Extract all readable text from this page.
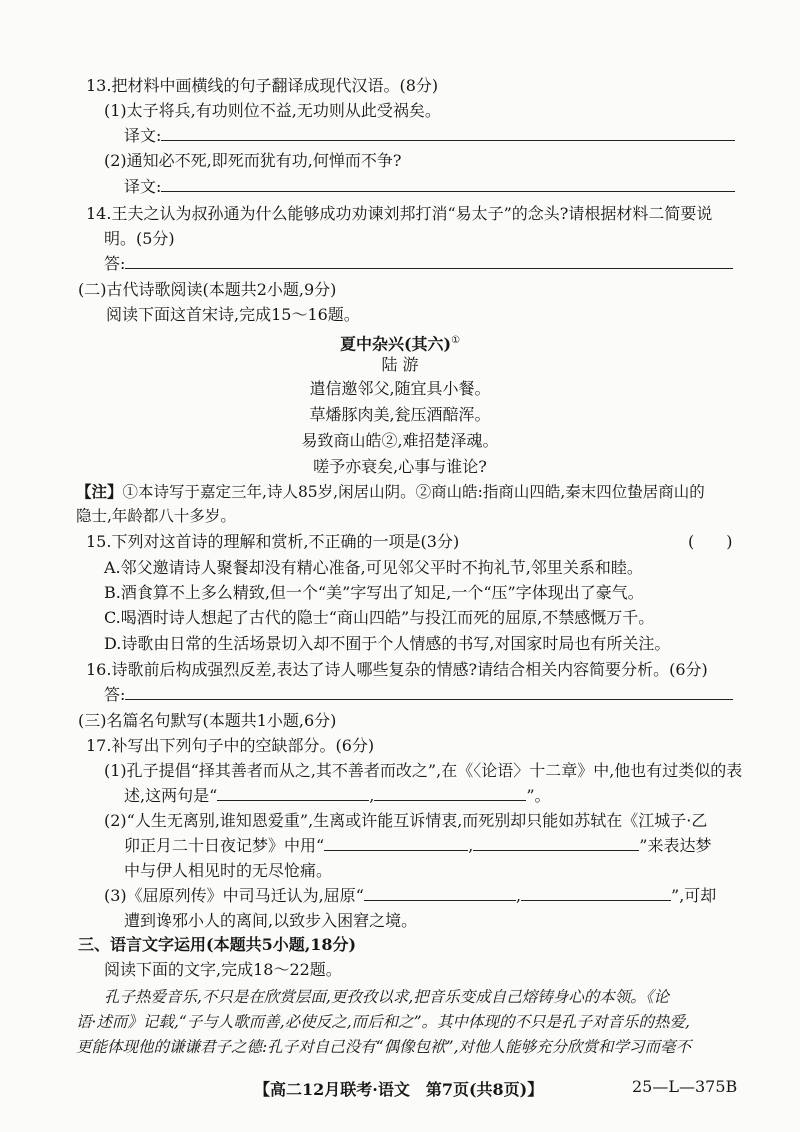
13.把材料中画横线的句子翻译成现代汉语。(8分)
(1)太子将兵,有功则位不益,无功则从此受祸矣。
译文:
(2)通知必不死,即死而犹有功,何惮而不争?
译文:
14.王夫之认为叔孙通为什么能够成功劝谏刘邦打消“易太子”的念头?请根据材料二简要说
明。(5分)
答:
(二)古代诗歌阅读(本题共2小题,9分)
阅读下面这首宋诗,完成15～16题。
夏中杂兴(其六)①
陆 游
遣信邀邻父,随宜具小餐。
草燔豚肉美,瓮压酒醅浑。
易致商山皓②,难招楚泽魂。
嗟予亦衰矣,心事与谁论?
【注】①本诗写于嘉定三年,诗人85岁,闲居山阴。②商山皓:指商山四皓,秦末四位蛰居商山的
隐士,年龄都八十多岁。
15.下列对这首诗的理解和赏析,不正确的一项是(3分)	(　　)
A.邻父邀请诗人聚餐却没有精心准备,可见邻父平时不拘礼节,邻里关系和睦。
B.酒食算不上多么精致,但一个“美”字写出了知足,一个“压”字体现出了豪气。
C.喝酒时诗人想起了古代的隐士“商山四皓”与投江而死的屈原,不禁感慨万千。
D.诗歌由日常的生活场景切入却不囿于个人情感的书写,对国家时局也有所关注。
16.诗歌前后构成强烈反差,表达了诗人哪些复杂的情感?请结合相关内容简要分析。(6分)
答:
(三)名篇名句默写(本题共1小题,6分)
17.补写出下列句子中的空缺部分。(6分)
(1)孔子提倡“择其善者而从之,其不善者而改之”,在《〈论语〉十二章》中,他也有过类似的表
述,这两句是“	,	”。
(2)“人生无离别,谁知恩爱重”,生离或许能互诉情衷,而死别却只能如苏轼在《江城子·乙
卯正月二十日夜记梦》中用“	,	”来表达梦
中与伊人相见时的无尽怆痛。
(3)《屈原列传》中司马迁认为,屈原“	,	”,可却
遭到谗邪小人的离间,以致步入困窘之境。
三、语言文字运用(本题共5小题,18分)
阅读下面的文字,完成18～22题。
孔子热爱音乐,不只是在欣赏层面,更孜孜以求,把音乐变成自己熔铸身心的本领。《论
语·述而》记载,“子与人歌而善,必使反之,而后和之”。其中体现的不只是孔子对音乐的热爱,
更能体现他的谦谦君子之德:孔子对自己没有“偶像包袱”,对他人能够充分欣赏和学习而毫不
【高二12月联考·语文　第7页(共8页)】	25—L—375B
